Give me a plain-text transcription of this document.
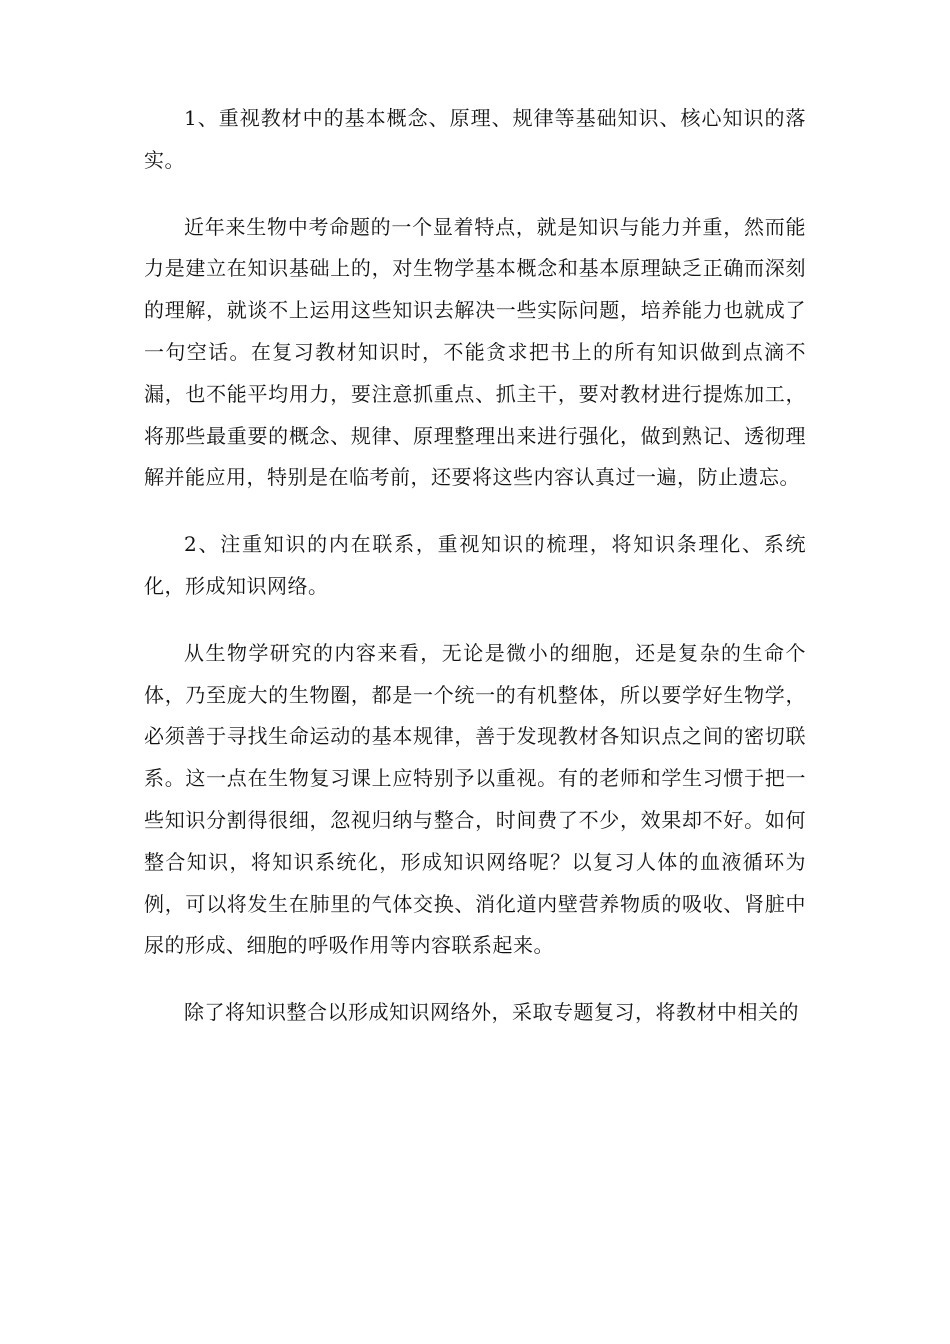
1、重视教材中的基本概念、原理、规律等基础知识、核心知识的落实。

近年来生物中考命题的一个显着特点，就是知识与能力并重，然而能力是建立在知识基础上的，对生物学基本概念和基本原理缺乏正确而深刻的理解，就谈不上运用这些知识去解决一些实际问题，培养能力也就成了一句空话。在复习教材知识时，不能贪求把书上的所有知识做到点滴不漏，也不能平均用力，要注意抓重点、抓主干，要对教材进行提炼加工，将那些最重要的概念、规律、原理整理出来进行强化，做到熟记、透彻理解并能应用，特别是在临考前，还要将这些内容认真过一遍，防止遗忘。

2、注重知识的内在联系，重视知识的梳理，将知识条理化、系统化，形成知识网络。

从生物学研究的内容来看，无论是微小的细胞，还是复杂的生命个体，乃至庞大的生物圈，都是一个统一的有机整体，所以要学好生物学，必须善于寻找生命运动的基本规律，善于发现教材各知识点之间的密切联系。这一点在生物复习课上应特别予以重视。有的老师和学生习惯于把一些知识分割得很细，忽视归纳与整合，时间费了不少，效果却不好。如何整合知识，将知识系统化，形成知识网络呢？以复习人体的血液循环为例，可以将发生在肺里的气体交换、消化道内壁营养物质的吸收、肾脏中尿的形成、细胞的呼吸作用等内容联系起来。

除了将知识整合以形成知识网络外，采取专题复习，将教材中相关的
